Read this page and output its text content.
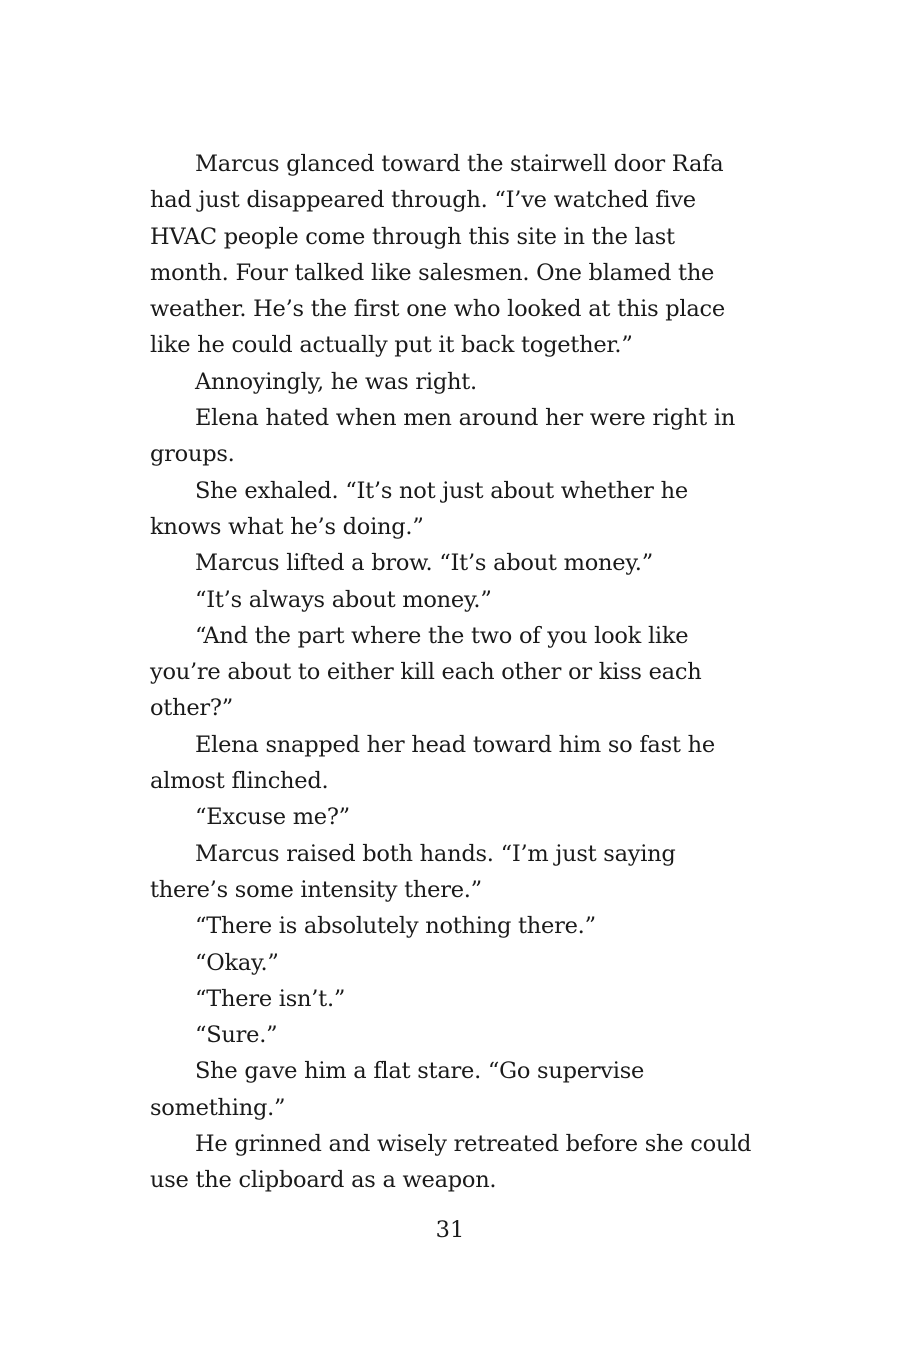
Marcus glanced toward the stairwell door Rafa had just disappeared through. “I’ve watched five HVAC people come through this site in the last month. Four talked like salesmen. One blamed the weather. He’s the first one who looked at this place like he could actually put it back together.”

Annoyingly, he was right.

Elena hated when men around her were right in groups.

She exhaled. “It’s not just about whether he knows what he’s doing.”

Marcus lifted a brow. “It’s about money.”

“It’s always about money.”

“And the part where the two of you look like you’re about to either kill each other or kiss each other?”

Elena snapped her head toward him so fast he almost flinched.

“Excuse me?”

Marcus raised both hands. “I’m just saying there’s some intensity there.”

“There is absolutely nothing there.”

“Okay.”

“There isn’t.”

“Sure.”

She gave him a flat stare. “Go supervise something.”

He grinned and wisely retreated before she could use the clipboard as a weapon.

31
